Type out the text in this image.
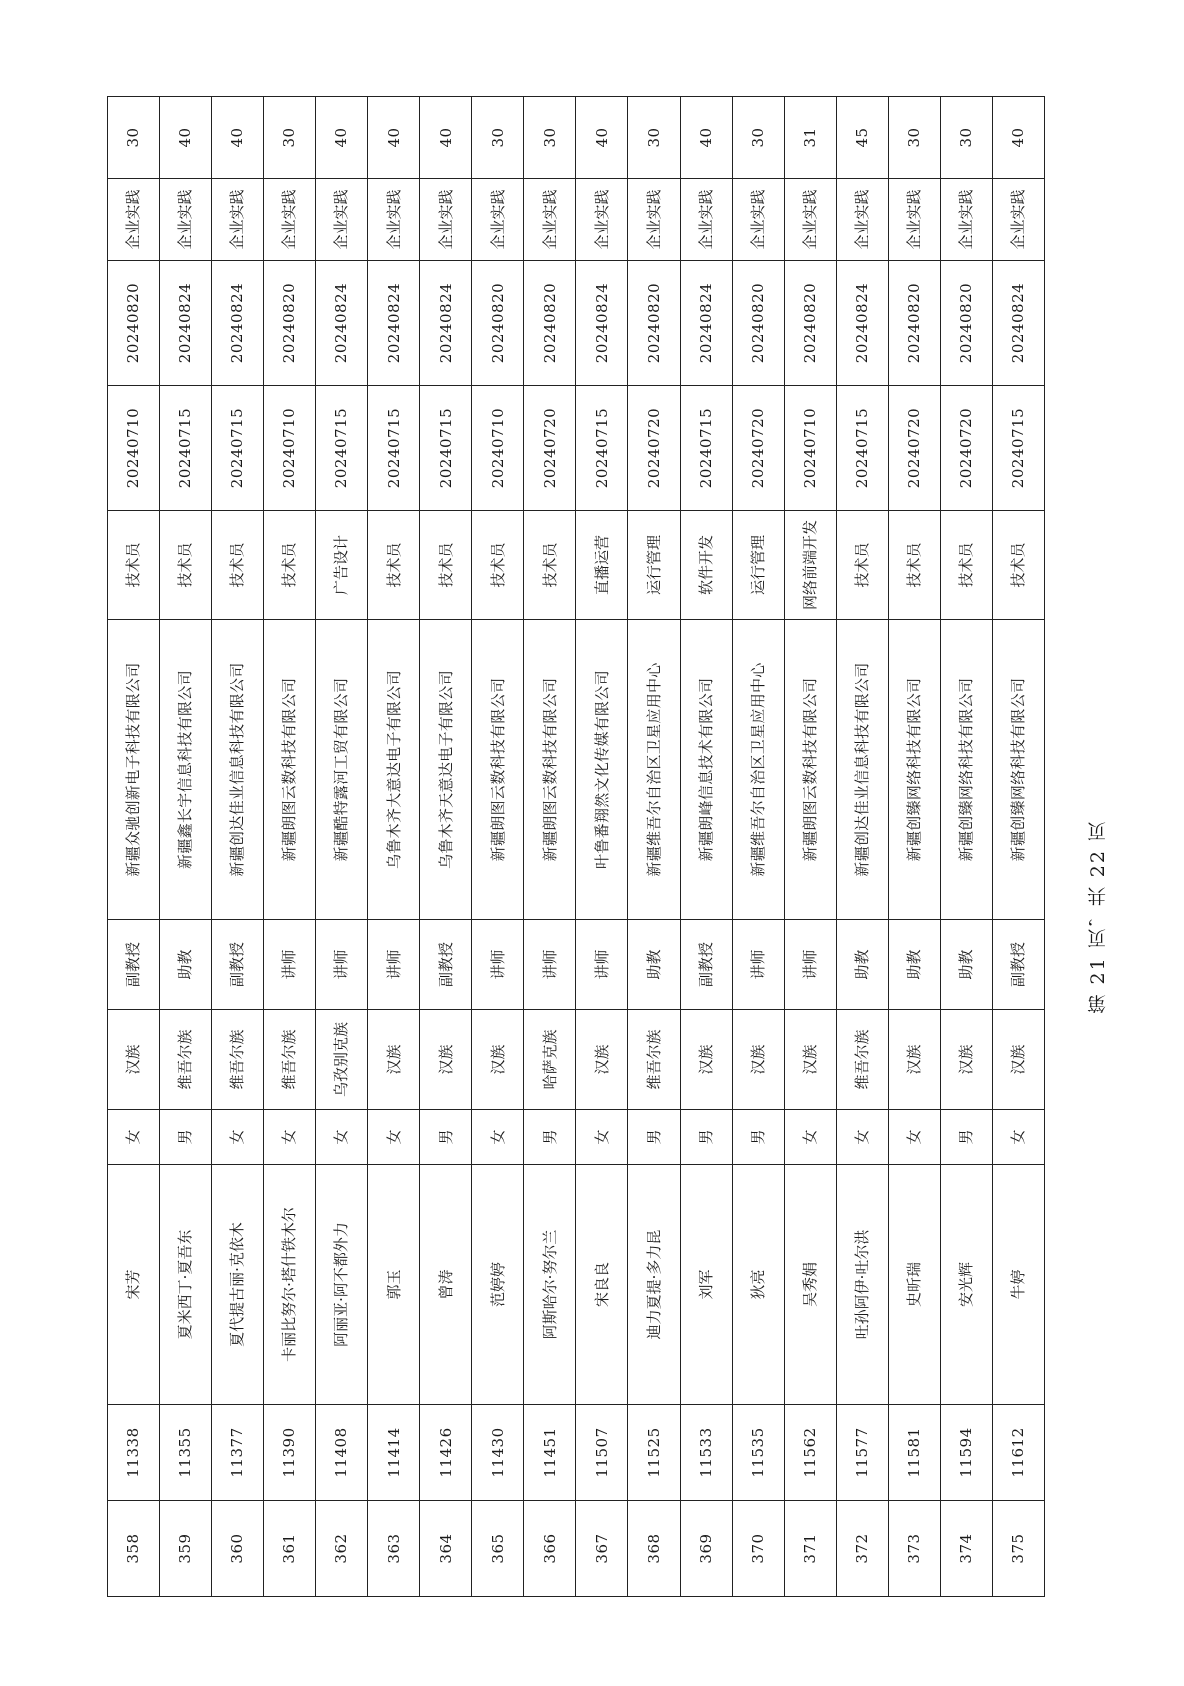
358	11338	宋芳	女	汉族	副教授	新疆众驰创新电子科技有限公司	技术员	20240710	20240820	企业实践	30
359	11355	夏米西丁·夏吾东	男	维吾尔族	助教	新疆鑫长宇信息科技有限公司	技术员	20240715	20240824	企业实践	40
360	11377	夏代提古丽·克依木	女	维吾尔族	副教授	新疆创达佳业信息科技有限公司	技术员	20240715	20240824	企业实践	40
361	11390	卡丽比努尔·塔什铁木尔	女	维吾尔族	讲师	新疆朗图云数科技有限公司	技术员	20240710	20240820	企业实践	30
362	11408	阿丽亚·阿不都外力	女	乌孜别克族	讲师	新疆酷特露河工贸有限公司	广告设计	20240715	20240824	企业实践	40
363	11414	郭玉	女	汉族	讲师	乌鲁木齐大意达电子有限公司	技术员	20240715	20240824	企业实践	40
364	11426	曾涛	男	汉族	副教授	乌鲁木齐天意达电子有限公司	技术员	20240715	20240824	企业实践	40
365	11430	范婷婷	女	汉族	讲师	新疆朗图云数科技有限公司	技术员	20240710	20240820	企业实践	30
366	11451	阿斯哈尔·努尔兰	男	哈萨克族	讲师	新疆朗图云数科技有限公司	技术员	20240720	20240820	企业实践	30
367	11507	宋良良	女	汉族	讲师	叶鲁番翔然文化传媒有限公司	直播运营	20240715	20240824	企业实践	40
368	11525	迪力夏提·多力昆	男	维吾尔族	助教	新疆维吾尔自治区卫星应用中心	运行管理	20240720	20240820	企业实践	30
369	11533	刘军	男	汉族	副教授	新疆朗峰信息技术有限公司	软件开发	20240715	20240824	企业实践	40
370	11535	狄亮	男	汉族	讲师	新疆维吾尔自治区卫星应用中心	运行管理	20240720	20240820	企业实践	30
371	11562	吴秀娟	女	汉族	讲师	新疆朗图云数科技有限公司	网络前端开发	20240710	20240820	企业实践	31
372	11577	吐孙阿伊·吐尔洪	女	维吾尔族	助教	新疆创达佳业信息科技有限公司	技术员	20240715	20240824	企业实践	45
373	11581	史昕瑞	女	汉族	助教	新疆创臻网络科技有限公司	技术员	20240720	20240820	企业实践	30
374	11594	安光辉	男	汉族	助教	新疆创臻网络科技有限公司	技术员	20240720	20240820	企业实践	30
375	11612	牛婷	女	汉族	副教授	新疆创臻网络科技有限公司	技术员	20240715	20240824	企业实践	40
第 21 页，共 22 页
